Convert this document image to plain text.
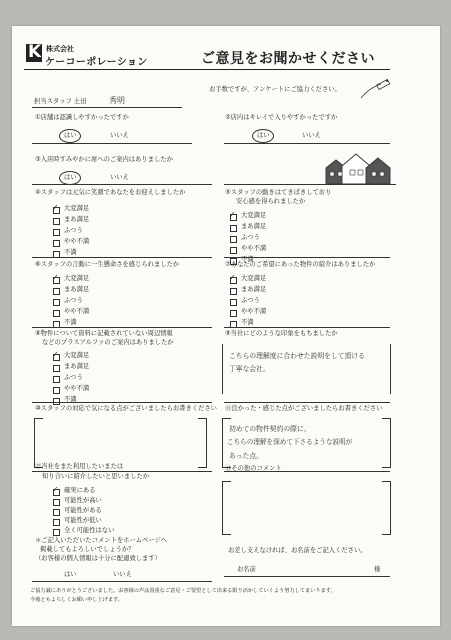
K 株式会社
ケーコーポレーション	ご意見をお聞かせください
お手数ですが、アンケートにご協力ください。
担当スタッフ 土田	秀明
①店舗は認識しやすかったですか
はい	いいえ
②店内はキレイで入りやすかったですか
はい	いいえ
③入店時すみやかに席へのご案内はありましたか
はい	いいえ
④スタッフは元気に笑顔であなたをお迎えしましたか
大変満足
まあ満足
ふつう
やや不満
不満
✓
⑤スタッフの動きはてきぱきしており
安心感を得られましたか
大変満足
まあ満足
ふつう
やや不満
不満
✓
⑥スタッフの言動に一生懸命さを感じられましたか
大変満足
まあ満足
ふつう
やや不満
不満
✓
⑦あなたのご希望にあった物件の紹介はありましたか
大変満足
まあ満足
ふつう
やや不満
不満
✓
⑧物件について資料に記載されていない周辺情報
などのプラスアルファのご案内はありましたか
大変満足
まあ満足
ふつう
やや不満
不満
✓
⑨当社にどのような印象をもちましたか
こちらの理解度に合わせた説明をして頂ける
丁寧な会社。
⑩スタッフの対応で気になる点がございましたらお書きください ⑪良かった・感じた点がございましたらお書きください
初めての物件契約の際に、
こちらの理解を深めて下さるような説明が
あった点。
⑫当社をまた利用したいまたは
知り合いに紹介したいと思いましたか
確実にある
可能性が高い
可能性がある
可能性が低い
全く可能性はない
✓
⑬その他のコメント
＊ご記入いただいたコメントをホームページへ
掲載してもよろしいでしょうか？
（お客様の個人情報は十分に配慮致します）
はい	いいえ
お差し支えなければ、お名前をご記入ください。
お名前	様
ご協力誠にありがとうございました。お客様の声は貴重なご意見・ご要望として出来る限り活かしていくよう努力してまいります。
今後ともよろしくお願い申し上げます。
